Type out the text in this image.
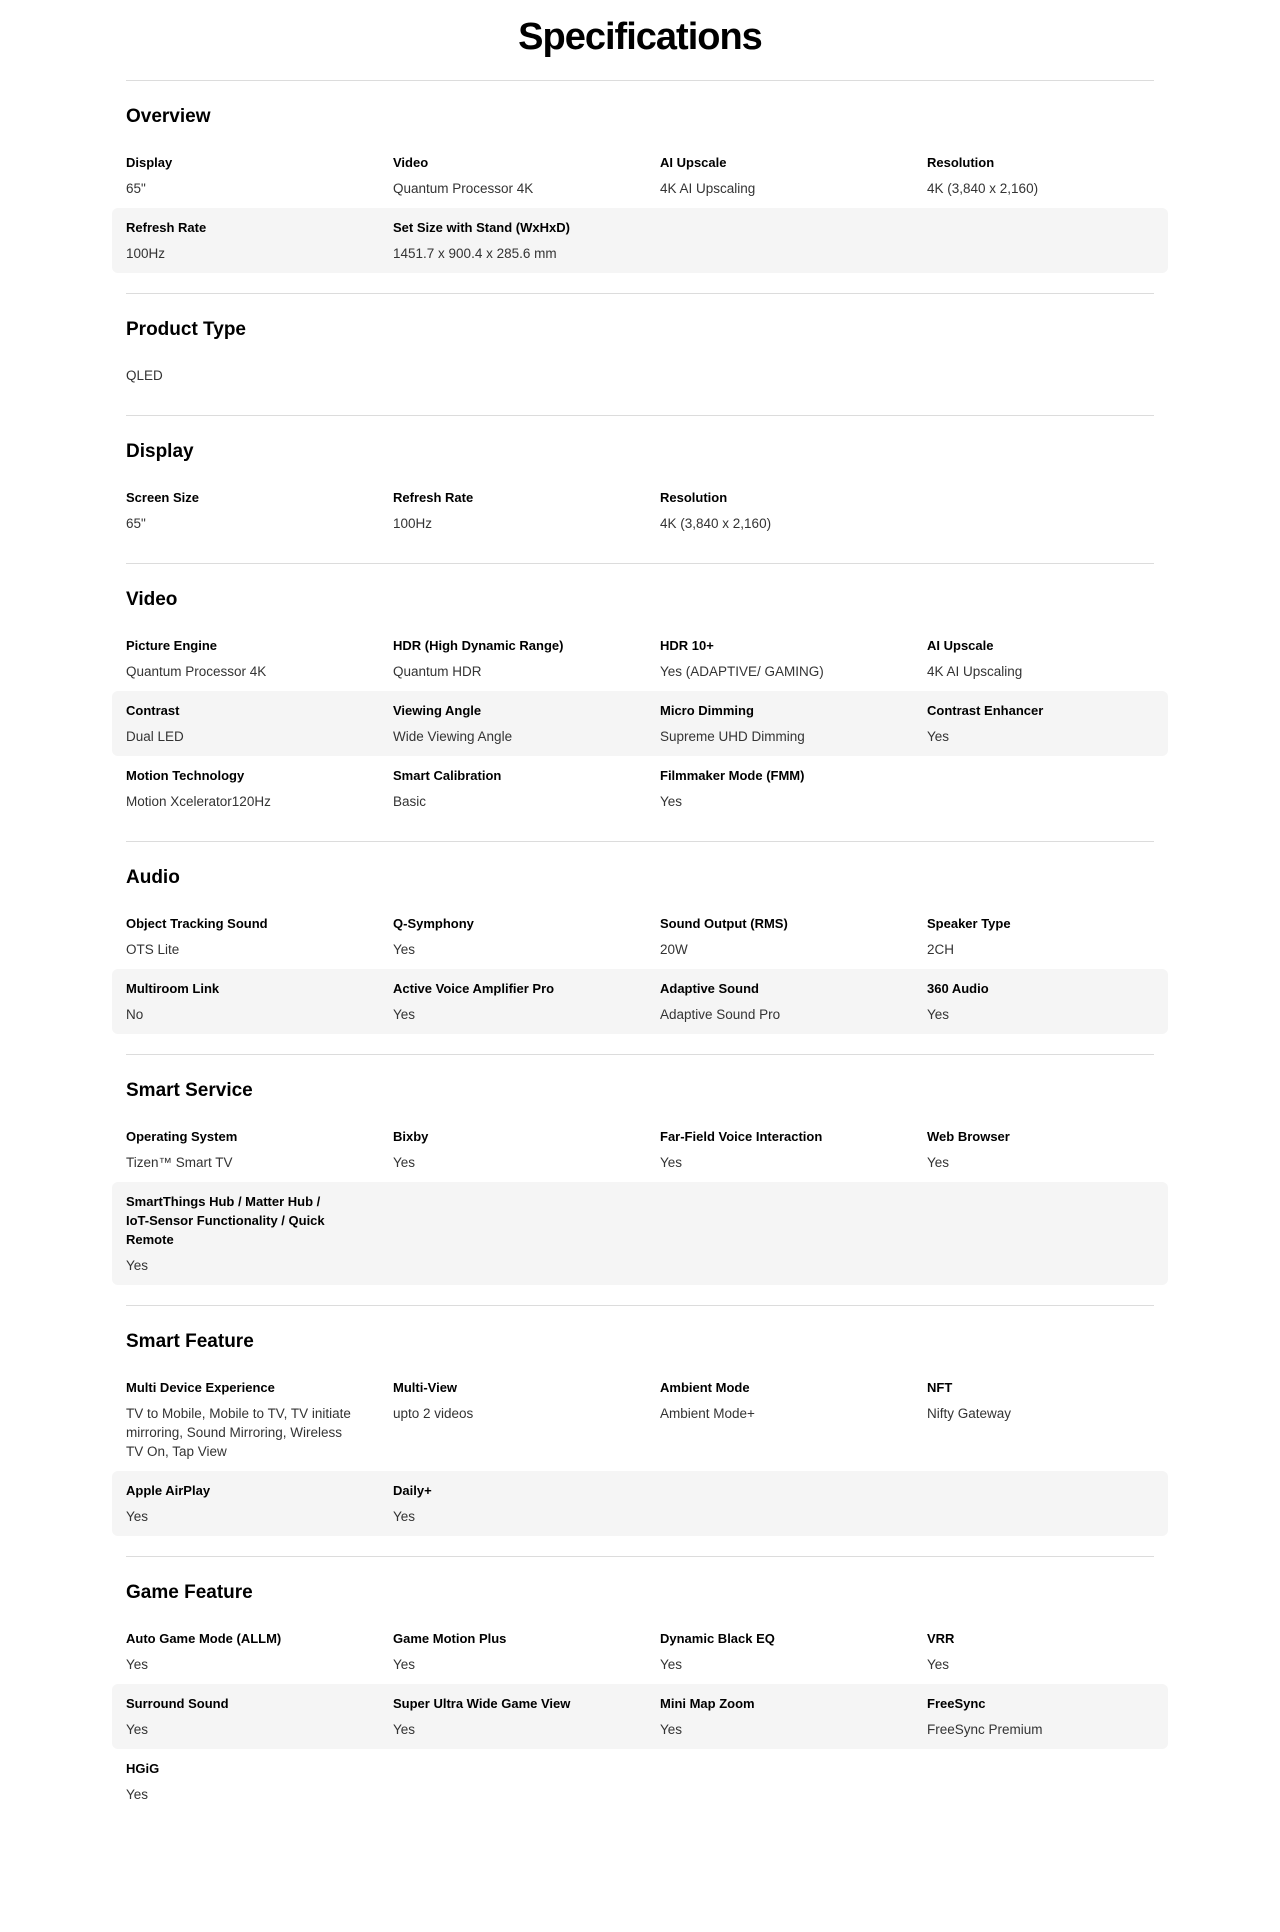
Specifications
Overview
Display
65"
Video
Quantum Processor 4K
AI Upscale
4K AI Upscaling
Resolution
4K (3,840 x 2,160)
Refresh Rate
100Hz
Set Size with Stand (WxHxD)
1451.7 x 900.4 x 285.6 mm
Product Type
QLED
Display
Screen Size
65"
Refresh Rate
100Hz
Resolution
4K (3,840 x 2,160)
Video
Picture Engine
Quantum Processor 4K
HDR (High Dynamic Range)
Quantum HDR
HDR 10+
Yes (ADAPTIVE/ GAMING)
AI Upscale
4K AI Upscaling
Contrast
Dual LED
Viewing Angle
Wide Viewing Angle
Micro Dimming
Supreme UHD Dimming
Contrast Enhancer
Yes
Motion Technology
Motion Xcelerator120Hz
Smart Calibration
Basic
Filmmaker Mode (FMM)
Yes
Audio
Object Tracking Sound
OTS Lite
Q-Symphony
Yes
Sound Output (RMS)
20W
Speaker Type
2CH
Multiroom Link
No
Active Voice Amplifier Pro
Yes
Adaptive Sound
Adaptive Sound Pro
360 Audio
Yes
Smart Service
Operating System
Tizen™ Smart TV
Bixby
Yes
Far-Field Voice Interaction
Yes
Web Browser
Yes
SmartThings Hub / Matter Hub / IoT-Sensor Functionality / Quick Remote
Yes
Smart Feature
Multi Device Experience
TV to Mobile, Mobile to TV, TV initiate mirroring, Sound Mirroring, Wireless TV On, Tap View
Multi-View
upto 2 videos
Ambient Mode
Ambient Mode+
NFT
Nifty Gateway
Apple AirPlay
Yes
Daily+
Yes
Game Feature
Auto Game Mode (ALLM)
Yes
Game Motion Plus
Yes
Dynamic Black EQ
Yes
VRR
Yes
Surround Sound
Yes
Super Ultra Wide Game View
Yes
Mini Map Zoom
Yes
FreeSync
FreeSync Premium
HGiG
Yes
